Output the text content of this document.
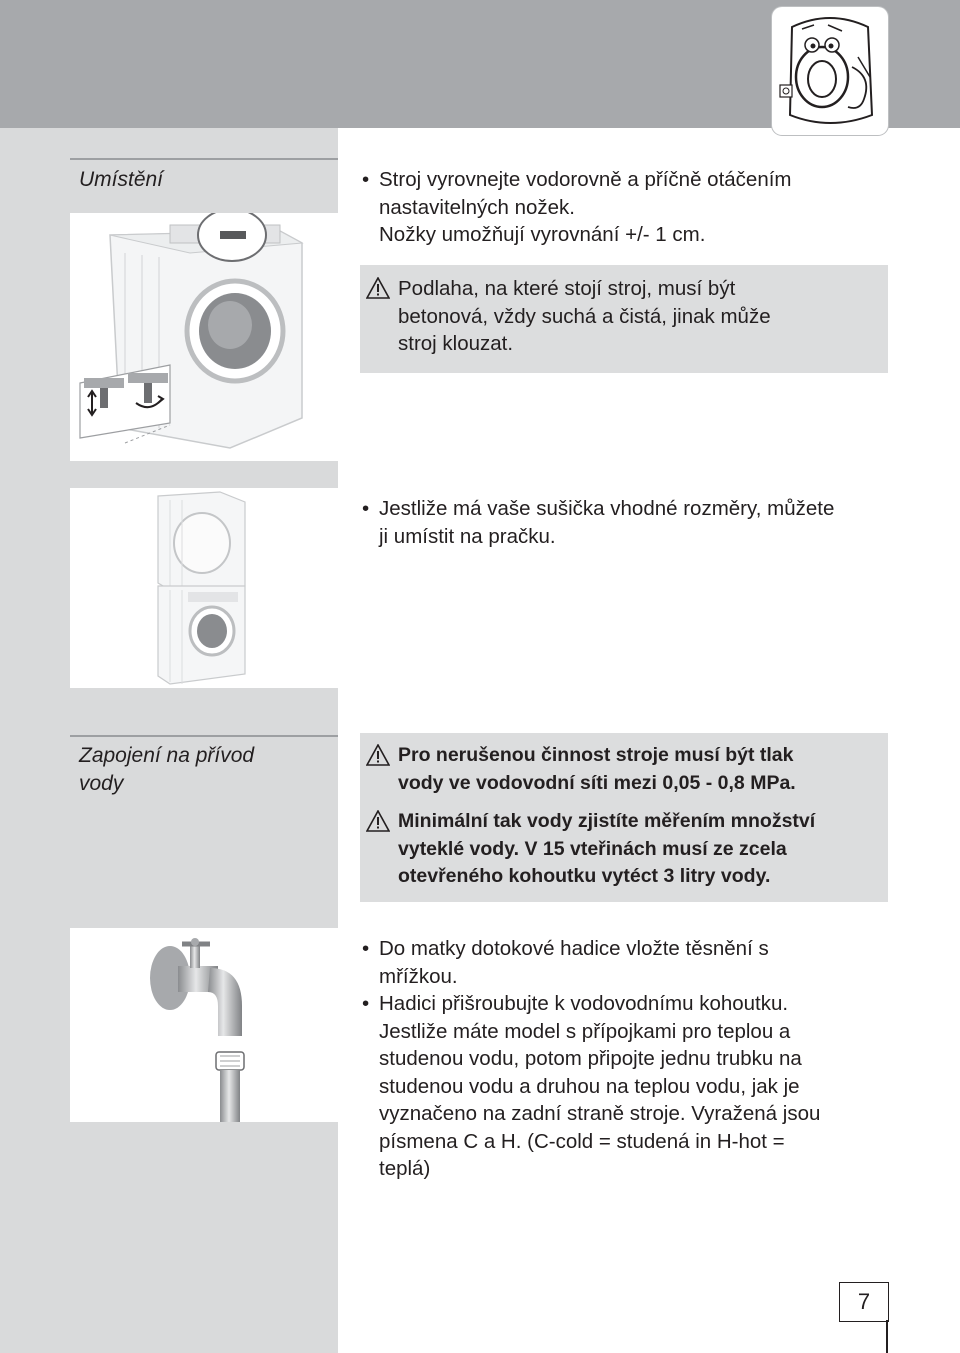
Umístění	• Stroj vyrovnejte vodorovně a příčně otáčením
nastavitelných nožek.
Nožky umožňují vyrovnání +/- 1 cm.
Podlaha, na které stojí stroj, musí být
betonová, vždy suchá a čistá, jinak může
stroj klouzat.
• Jestliže má vaše sušička vhodné rozměry, můžete
ji umístit na pračku.
Zapojení na přívod
vody
Pro nerušenou činnost stroje musí být tlak
vody ve vodovodní síti mezi 0,05 - 0,8 MPa.
Minimální tak vody zjistíte měřením množství
vyteklé vody. V 15 vteřinách musí ze zcela
otevřeného kohoutku vytéct 3 litry vody.
• Do matky dotokové hadice vložte těsnění s
mřížkou.
• Hadici přišroubujte k vodovodnímu kohoutku.
Jestliže máte model s přípojkami pro teplou a
studenou vodu, potom připojte jednu trubku na
studenou vodu a druhou na teplou vodu, jak je
vyznačeno na zadní straně stroje. Vyražená jsou
písmena C a H. (C-cold = studená in H-hot =
teplá)
7
